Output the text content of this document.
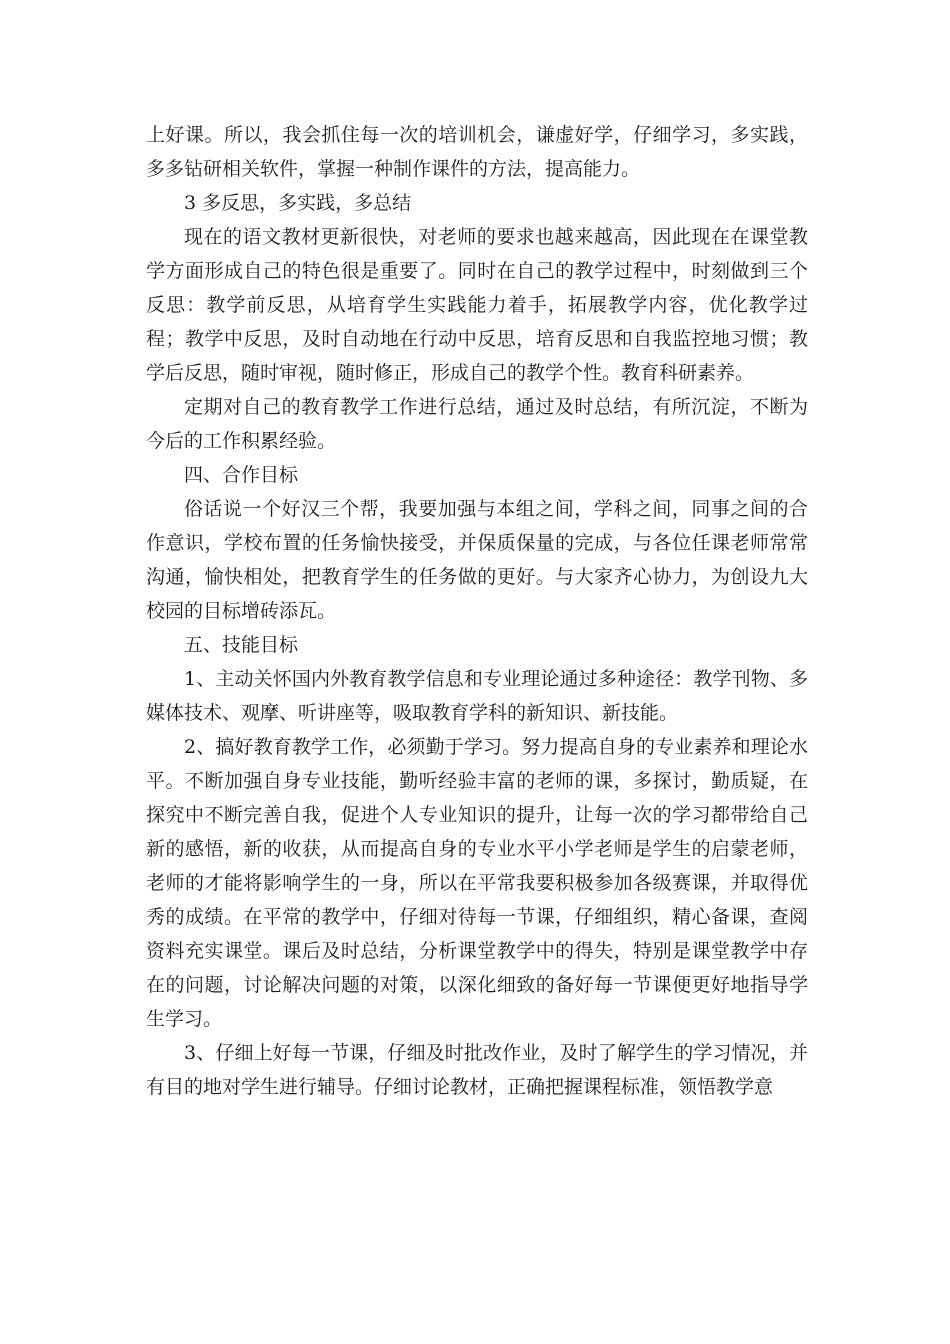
上好课。所以，我会抓住每一次的培训机会，谦虚好学，仔细学习，多实践，多多钻研相关软件，掌握一种制作课件的方法，提高能力。

3 多反思，多实践，多总结

现在的语文教材更新很快，对老师的要求也越来越高，因此现在在课堂教学方面形成自己的特色很是重要了。同时在自己的教学过程中，时刻做到三个反思：教学前反思，从培育学生实践能力着手，拓展教学内容，优化教学过程；教学中反思，及时自动地在行动中反思，培育反思和自我监控地习惯；教学后反思，随时审视，随时修正，形成自己的教学个性。教育科研素养。

定期对自己的教育教学工作进行总结，通过及时总结，有所沉淀，不断为今后的工作积累经验。

四、合作目标

俗话说一个好汉三个帮，我要加强与本组之间，学科之间，同事之间的合作意识，学校布置的任务愉快接受，并保质保量的完成，与各位任课老师常常沟通，愉快相处，把教育学生的任务做的更好。与大家齐心协力，为创设九大校园的目标增砖添瓦。

五、技能目标

1、主动关怀国内外教育教学信息和专业理论通过多种途径：教学刊物、多媒体技术、观摩、听讲座等，吸取教育学科的新知识、新技能。

2、搞好教育教学工作，必须勤于学习。努力提高自身的专业素养和理论水平。不断加强自身专业技能，勤听经验丰富的老师的课，多探讨，勤质疑，在探究中不断完善自我，促进个人专业知识的提升，让每一次的学习都带给自己新的感悟，新的收获，从而提高自身的专业水平小学老师是学生的启蒙老师，老师的才能将影响学生的一身，所以在平常我要积极参加各级赛课，并取得优秀的成绩。在平常的教学中，仔细对待每一节课，仔细组织，精心备课，查阅资料充实课堂。课后及时总结，分析课堂教学中的得失，特别是课堂教学中存在的问题，讨论解决问题的对策，以深化细致的备好每一节课便更好地指导学生学习。

3、仔细上好每一节课，仔细及时批改作业，及时了解学生的学习情况，并有目的地对学生进行辅导。仔细讨论教材，正确把握课程标准，领悟教学意
